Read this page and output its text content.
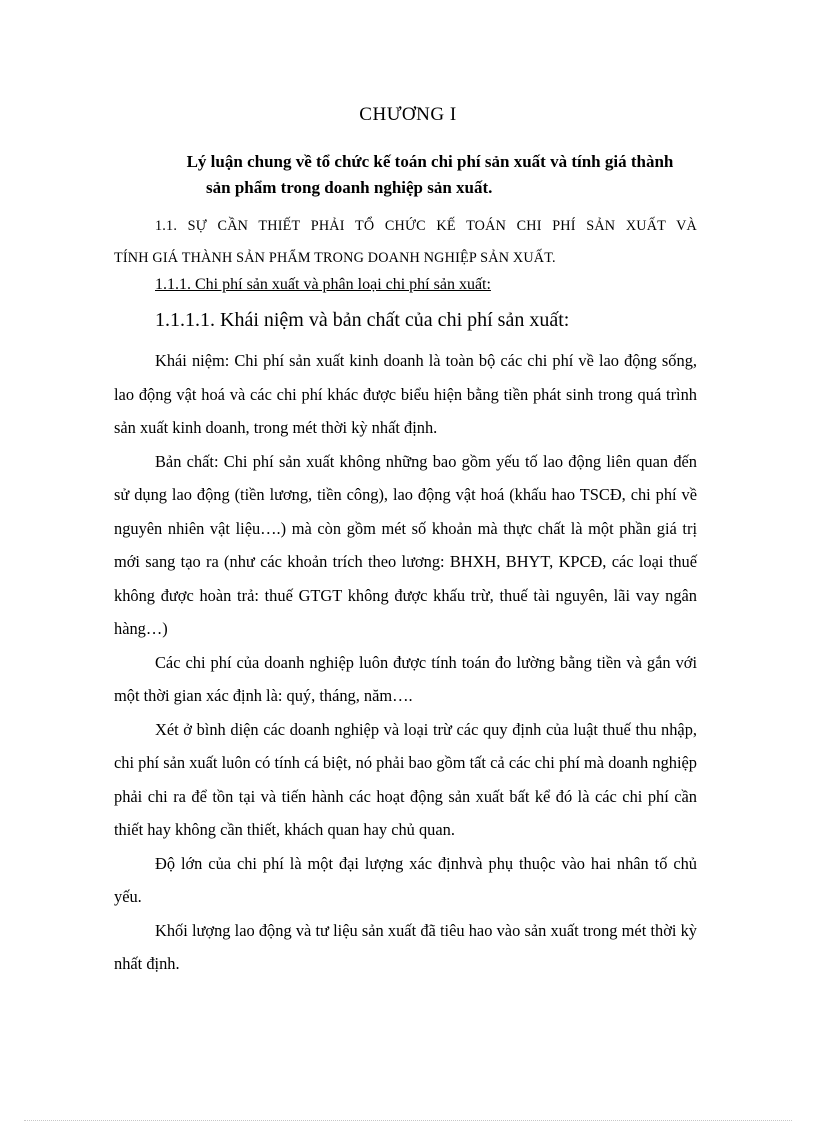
CHƯƠNG I
Lý luận chung về tổ chức kế toán chi phí sản xuất và tính giá thành
sản phẩm trong doanh nghiệp sản xuất.
1.1. SỰ CẦN THIẾT PHẢI TỔ CHỨC KẾ TOÁN CHI PHÍ SẢN XUẤT VÀ
TÍNH GIÁ THÀNH SẢN PHẨM TRONG DOANH NGHIỆP SẢN XUẤT.
1.1.1. Chi phí sản xuất và phân loại chi phí sản xuất:
1.1.1.1. Khái niệm và bản chất của chi phí sản xuất:

Khái niệm: Chi phí sản xuất kinh doanh là toàn bộ các chi phí về lao động sống, lao động vật hoá và các chi phí khác được biểu hiện bằng tiền phát sinh trong quá trình sản xuất kinh doanh, trong mét thời kỳ nhất định.

Bản chất: Chi phí sản xuất không những bao gồm yếu tố lao động liên quan đến sử dụng lao động (tiền lương, tiền công), lao động vật hoá (khấu hao TSCĐ, chi phí về nguyên nhiên vật liệu….) mà còn gồm mét số khoản mà thực chất là một phần giá trị mới sang tạo ra (như các khoản trích theo lương: BHXH, BHYT, KPCĐ, các loại thuế không được hoàn trả: thuế GTGT không được khấu trừ, thuế tài nguyên, lãi vay ngân hàng…)

Các chi phí của doanh nghiệp luôn được tính toán đo lường bằng tiền và gắn với một thời gian xác định là: quý, tháng, năm….

Xét ở bình diện các doanh nghiệp và loại trừ các quy định của luật thuế thu nhập, chi phí sản xuất luôn có tính cá biệt, nó phải bao gồm tất cả các chi phí mà doanh nghiệp phải chi ra để tồn tại và tiến hành các hoạt động sản xuất bất kể đó là các chi phí cần thiết hay không cần thiết, khách quan hay chủ quan.

Độ lớn của chi phí là một đại lượng xác địnhvà phụ thuộc vào hai nhân tố chủ yếu.

Khối lượng lao động và tư liệu sản xuất đã tiêu hao vào sản xuất trong mét thời kỳ nhất định.
